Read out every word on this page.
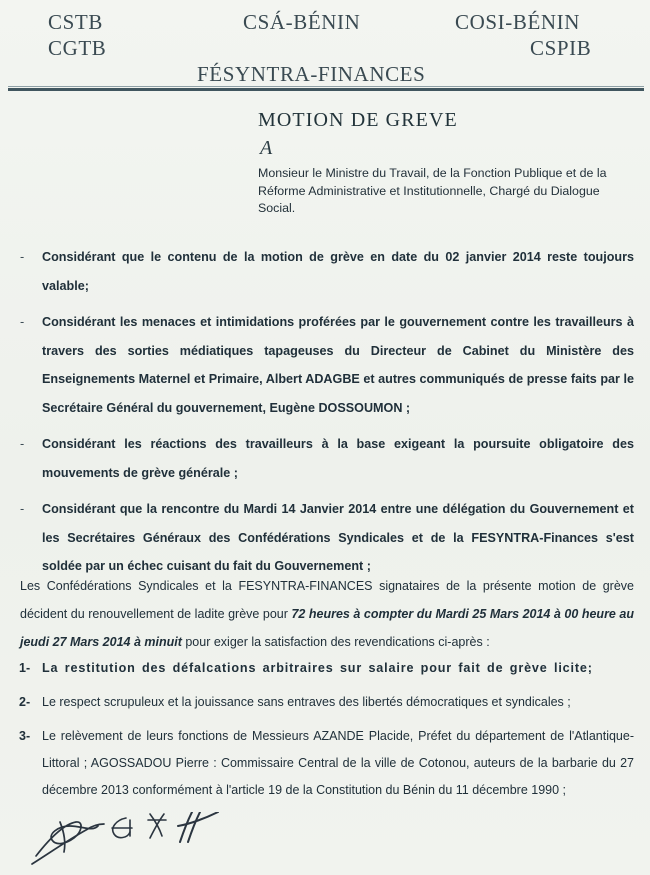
CSTB	CSÁ-BÉNIN	COSI-BÉNIN
CGTB	CSPIB
FÉSYNTRA-FINANCES
MOTION DE GREVE
A
Monsieur le Ministre du Travail, de la Fonction Publique et de la Réforme Administrative et Institutionnelle, Chargé du Dialogue Social.
- Considérant que le contenu de la motion de grève en date du 02 janvier 2014 reste toujours valable;
- Considérant les menaces et intimidations proférées par le gouvernement contre les travailleurs à travers des sorties médiatiques tapageuses du Directeur de Cabinet du Ministère des Enseignements Maternel et Primaire, Albert ADAGBE et autres communiqués de presse faits par le Secrétaire Général du gouvernement, Eugène DOSSOUMON ;
- Considérant les réactions des travailleurs à la base exigeant la poursuite obligatoire des mouvements de grève générale ;
- Considérant que la rencontre du Mardi 14 Janvier 2014 entre une délégation du Gouvernement et les Secrétaires Généraux des Confédérations Syndicales et de la FESYNTRA-Finances s'est soldée par un échec cuisant du fait du Gouvernement ;
Les Confédérations Syndicales et la FESYNTRA-FINANCES signataires de la présente motion de grève décident du renouvellement de ladite grève pour 72 heures à compter du Mardi 25 Mars 2014 à 00 heure au jeudi 27 Mars 2014 à minuit pour exiger la satisfaction des revendications ci-après :
1- La restitution des défalcations arbitraires sur salaire pour fait de grève licite;
2- Le respect scrupuleux et la jouissance sans entraves des libertés démocratiques et syndicales ;
3- Le relèvement de leurs fonctions de Messieurs AZANDE Placide, Préfet du département de l'Atlantique-Littoral ; AGOSSADOU Pierre : Commissaire Central de la ville de Cotonou, auteurs de la barbarie du 27 décembre 2013 conformément à l'article 19 de la Constitution du Bénin du 11 décembre 1990 ;
